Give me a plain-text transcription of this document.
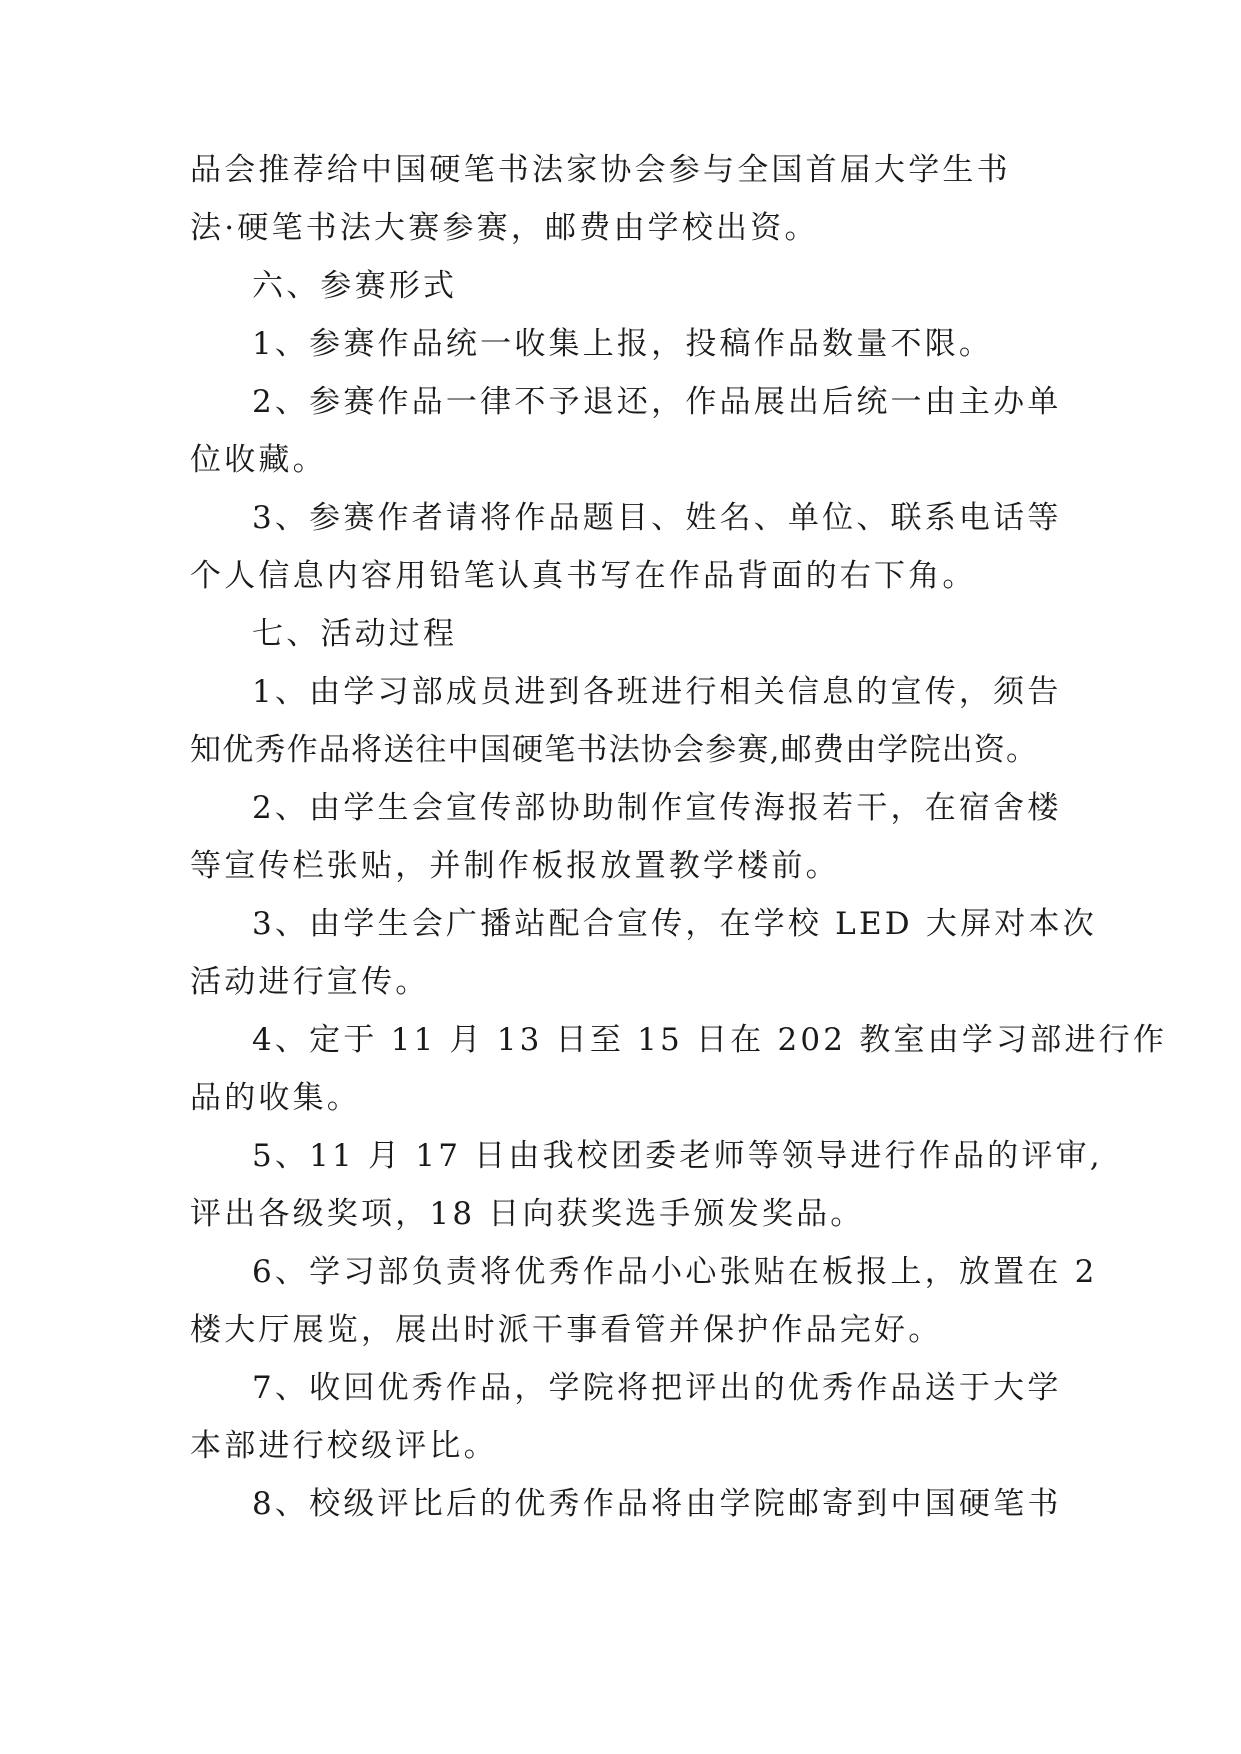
品会推荐给中国硬笔书法家协会参与全国首届大学生书
法·硬笔书法大赛参赛，邮费由学校出资。
六、参赛形式
1、参赛作品统一收集上报，投稿作品数量不限。
2、参赛作品一律不予退还，作品展出后统一由主办单
位收藏。
3、参赛作者请将作品题目、姓名、单位、联系电话等
个人信息内容用铅笔认真书写在作品背面的右下角。
七、活动过程
1、由学习部成员进到各班进行相关信息的宣传，须告
知优秀作品将送往中国硬笔书法协会参赛,邮费由学院出资。
2、由学生会宣传部协助制作宣传海报若干，在宿舍楼
等宣传栏张贴，并制作板报放置教学楼前。
3、由学生会广播站配合宣传，在学校 LED 大屏对本次
活动进行宣传。
4、定于 11 月 13 日至 15 日在 202 教室由学习部进行作
品的收集。
5、11 月 17 日由我校团委老师等领导进行作品的评审,
评出各级奖项，18 日向获奖选手颁发奖品。
6、学习部负责将优秀作品小心张贴在板报上，放置在 2
楼大厅展览，展出时派干事看管并保护作品完好。
7、收回优秀作品，学院将把评出的优秀作品送于大学
本部进行校级评比。
8、校级评比后的优秀作品将由学院邮寄到中国硬笔书
